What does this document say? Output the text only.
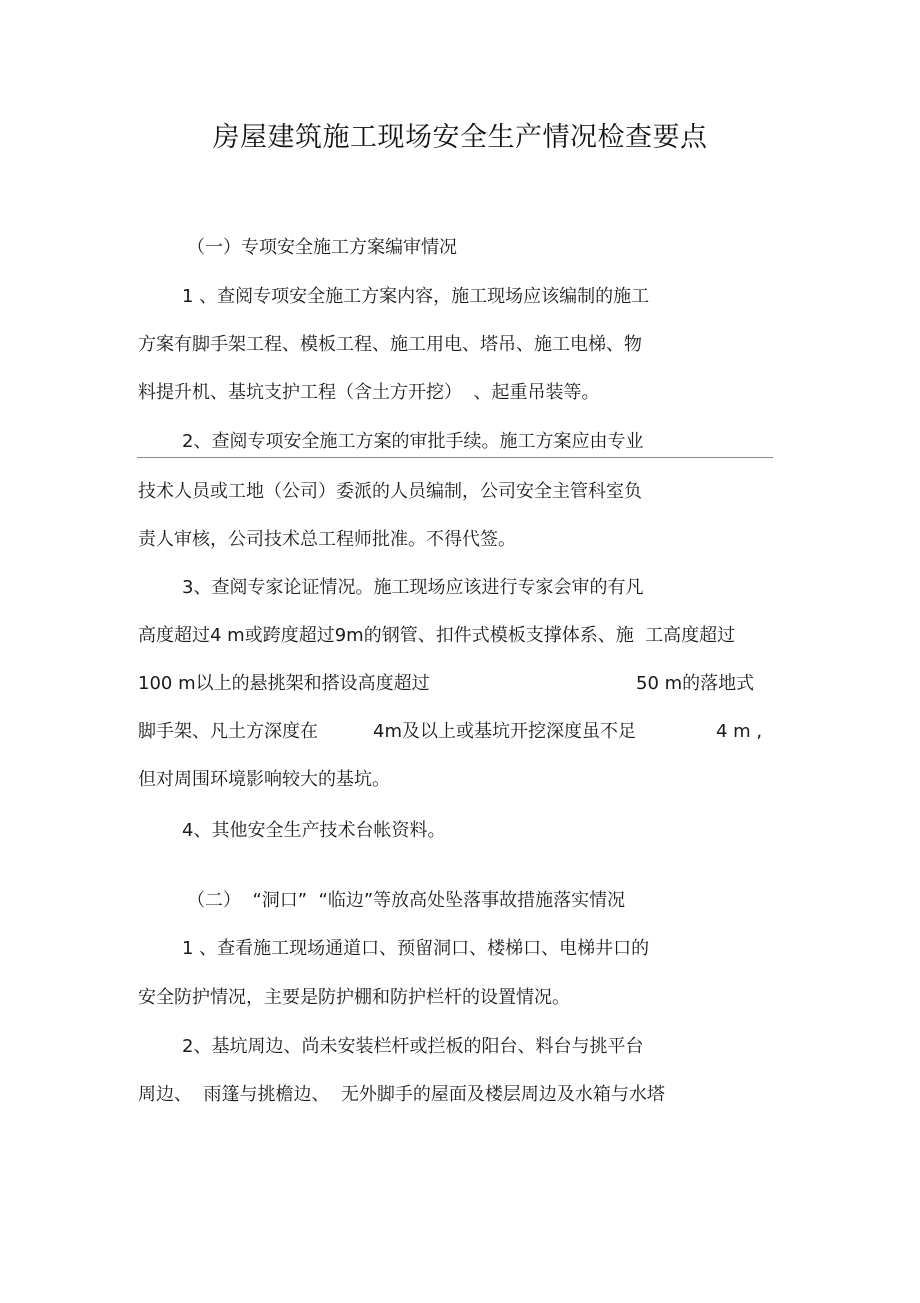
房屋建筑施工现场安全生产情况检查要点
（一）专项安全施工方案编审情况
1 、查阅专项安全施工方案内容，施工现场应该编制的施工
方案有脚手架工程、模板工程、施工用电、塔吊、施工电梯、物
料提升机、基坑支护工程（含土方开挖）  、起重吊装等。
2、查阅专项安全施工方案的审批手续。施工方案应由专业
技术人员或工地（公司）委派的人员编制，公司安全主管科室负
责人审核，公司技术总工程师批准。不得代签。
3、查阅专家论证情况。施工现场应该进行专家会审的有凡
高度超过4 m或跨度超过9m的钢管、扣件式模板支撑体系、施  工高度超过
100 m以上的悬挑架和搭设高度超过	50 m的落地式
脚手架、凡土方深度在	4m及以上或基坑开挖深度虽不足	4 m ,
但对周围环境影响较大的基坑。
4、其他安全生产技术台帐资料。
（二）  “洞口”  “临边”等放高处坠落事故措施落实情况
1 、查看施工现场通道口、预留洞口、楼梯口、电梯井口的
安全防护情况，主要是防护棚和防护栏杆的设置情况。
2、基坑周边、尚未安装栏杆或拦板的阳台、料台与挑平台
周边、  雨篷与挑檐边、  无外脚手的屋面及楼层周边及水箱与水塔
